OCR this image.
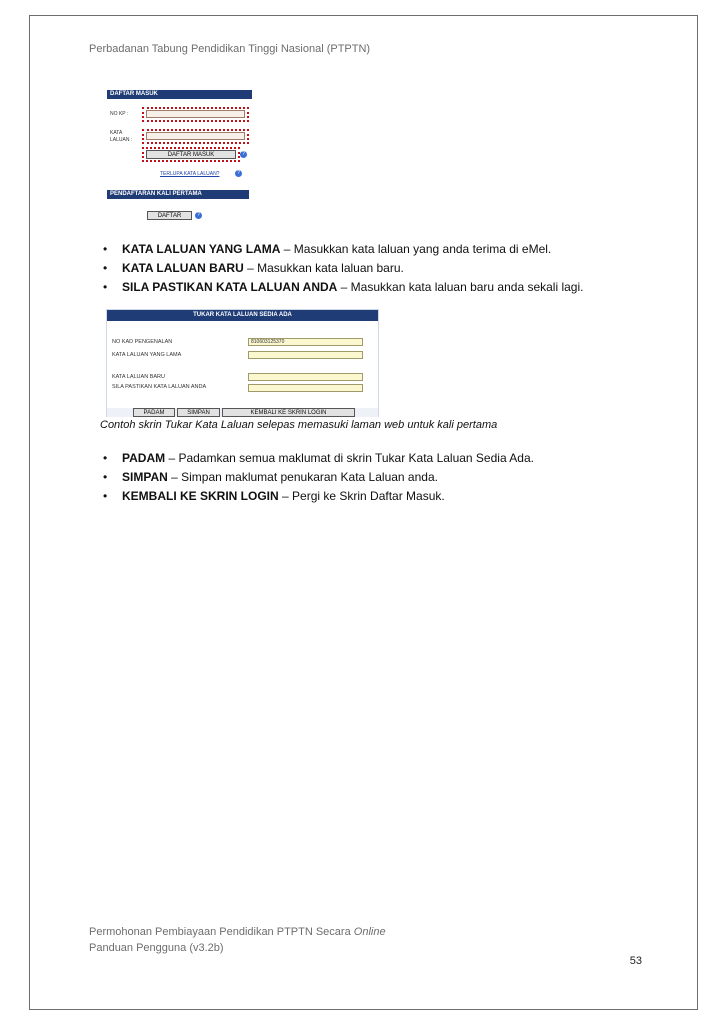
Perbadanan Tabung Pendidikan Tinggi Nasional (PTPTN)
DAFTAR MASUK
NO KP :
KATA
LALUAN :
DAFTAR MASUK	?
TERLUPA KATA LALUAN?	?
PENDAFTARAN KALI PERTAMA
DAFTAR	?
• KATA LALUAN YANG LAMA – Masukkan kata laluan yang anda terima di eMel.
• KATA LALUAN BARU – Masukkan kata laluan baru.
• SILA PASTIKAN KATA LALUAN ANDA – Masukkan kata laluan baru anda sekali lagi.
TUKAR KATA LALUAN SEDIA ADA
NO KAD PENGENALAN	810603125370
KATA LALUAN YANG LAMA
KATA LALUAN BARU
SILA PASTIKAN KATA LALUAN ANDA
PADAM	SIMPAN	KEMBALI KE SKRIN LOGIN
Contoh skrin Tukar Kata Laluan selepas memasuki laman web untuk kali pertama
• PADAM – Padamkan semua maklumat di skrin Tukar Kata Laluan Sedia Ada.
• SIMPAN – Simpan maklumat penukaran Kata Laluan anda.
• KEMBALI KE SKRIN LOGIN – Pergi ke Skrin Daftar Masuk.
Permohonan Pembiayaan Pendidikan PTPTN Secara Online
Panduan Pengguna (v3.2b)
53
